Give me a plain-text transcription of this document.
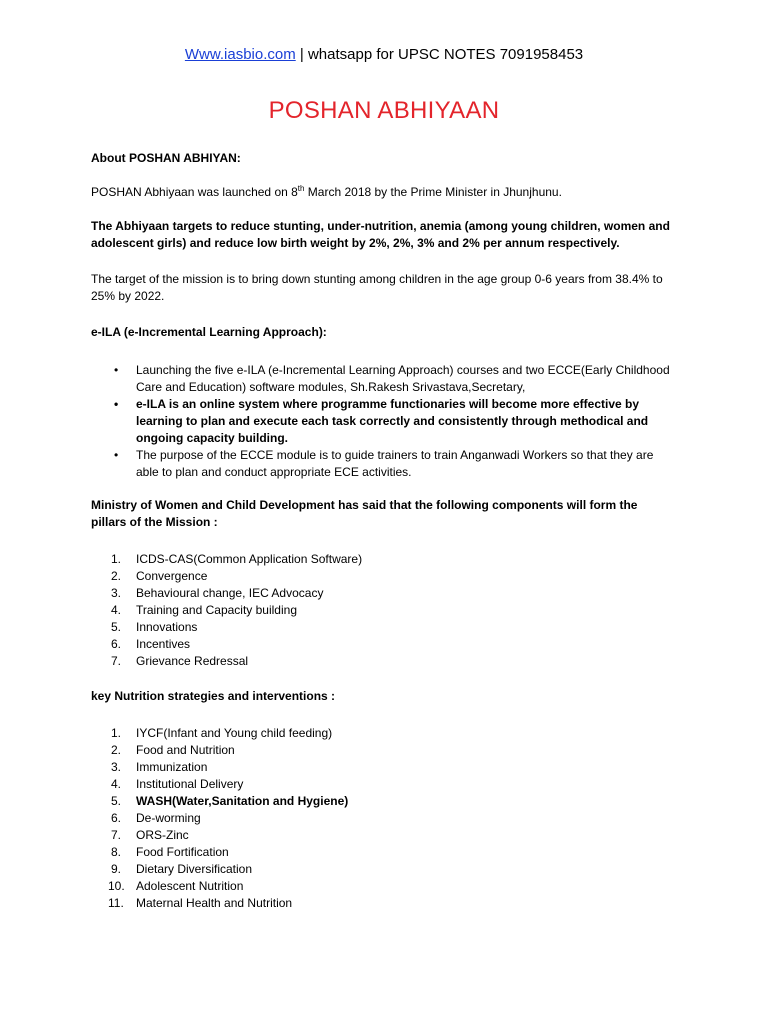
Www.iasbio.com | whatsapp for UPSC NOTES 7091958453
POSHAN ABHIYAAN

About POSHAN ABHIYAN:

POSHAN Abhiyaan was launched on 8th March 2018 by the Prime Minister in Jhunjhunu.

The Abhiyaan targets to reduce stunting, under-nutrition, anemia (among young children, women and adolescent girls) and reduce low birth weight by 2%, 2%, 3% and 2% per annum respectively.

The target of the mission is to bring down stunting among children in the age group 0-6 years from 38.4% to 25% by 2022.

e-ILA (e-Incremental Learning Approach):

• Launching the five e-ILA (e-Incremental Learning Approach) courses and two ECCE(Early Childhood Care and Education) software modules, Sh.Rakesh Srivastava,Secretary,
• e-ILA is an online system where programme functionaries will become more effective by learning to plan and execute each task correctly and consistently through methodical and ongoing capacity building.
• The purpose of the ECCE module is to guide trainers to train Anganwadi Workers so that they are able to plan and conduct appropriate ECE activities.

Ministry of Women and Child Development has said that the following components will form the pillars of the Mission :

1. ICDS-CAS(Common Application Software)
2. Convergence
3. Behavioural change, IEC Advocacy
4. Training and Capacity building
5. Innovations
6. Incentives
7. Grievance Redressal

key Nutrition strategies and interventions :

1. IYCF(Infant and Young child feeding)
2. Food and Nutrition
3. Immunization
4. Institutional Delivery
5. WASH(Water,Sanitation and Hygiene)
6. De-worming
7. ORS-Zinc
8. Food Fortification
9. Dietary Diversification
10. Adolescent Nutrition
11. Maternal Health and Nutrition
